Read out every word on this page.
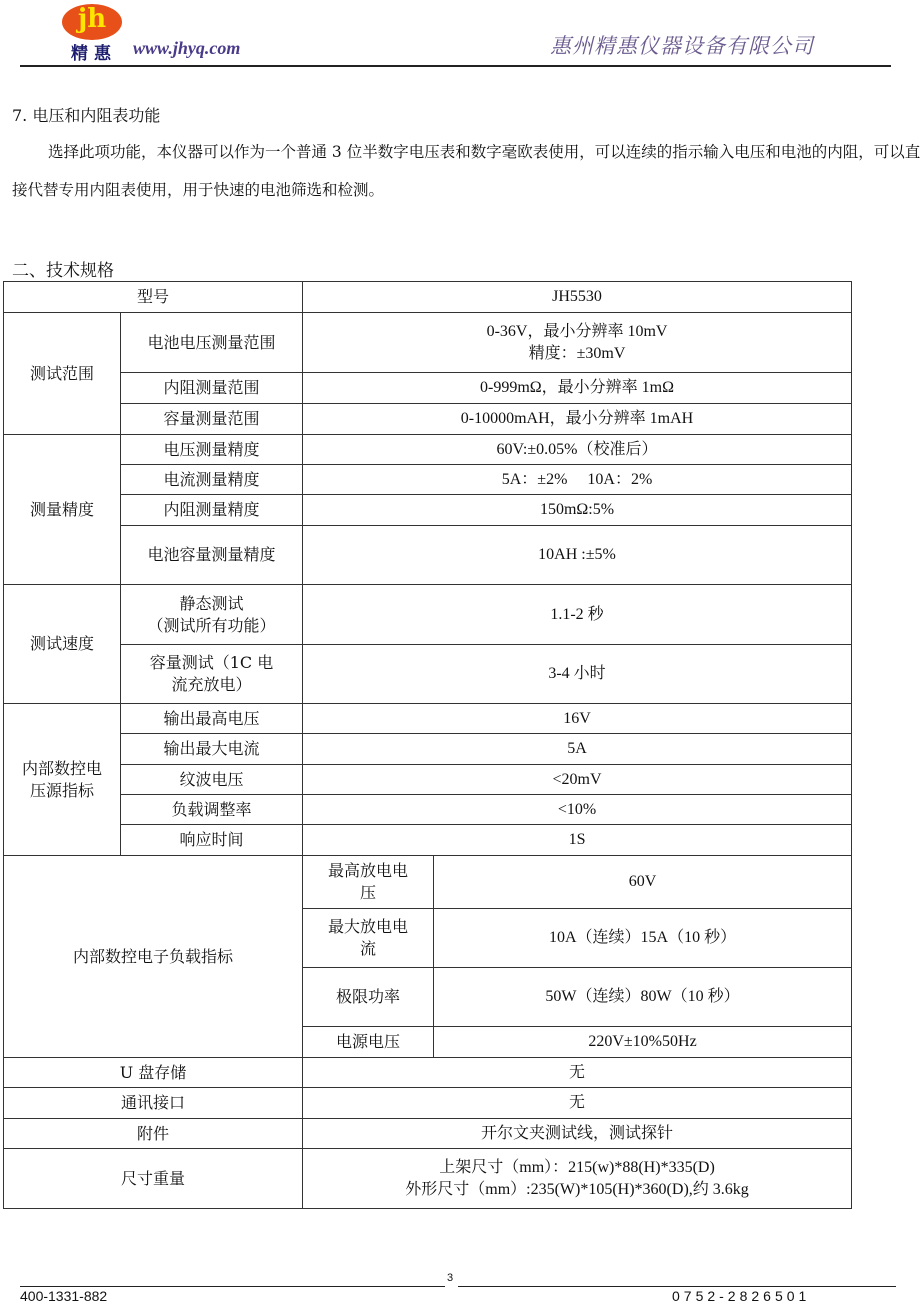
jh
精惠 www.jhyq.com	惠州精惠仪器设备有限公司
7. 电压和内阻表功能
选择此项功能，本仪器可以作为一个普通 3 位半数字电压表和数字毫欧表使用，可以连续的指示输入电压和电池的内阻，可以直接代替专用内阻表使用，用于快速的电池筛选和检测。
二、技术规格
型号		JH5530	
测试范围	电池电压测量范围	0-36V，最小分辨率 10mV
精度：±30mV	

	内阻测量范围	0-999mΩ，最小分辨率 1mΩ	
	容量测量范围	0-10000mAH，最小分辨率 1mAH	
测量精度	电压测量精度	60V:±0.05%（校准后）	
	电流测量精度	5A：±2%　 10A：2%	
	内阻测量精度	150mΩ:5%	
	电池容量测量精度	10AH :±5%	
测试速度	静态测试
（测试所有功能）	1.1-2 秒	

	容量测试（1C 电
流充放电）	3-4 小时	

内部数控电
压源指标	输出最高电压	16V	
	输出最大电流	5A	
	纹波电压	<20mV	
	负载调整率	<10%	
	响应时间	1S	
内部数控电子负载指标		最高放电电
压	60V

		最大放电电
流	10A（连续）15A（10 秒）
		极限功率	50W（连续）80W（10 秒）
		电源电压	220V±10%50Hz
U 盘存储		无	
通讯接口		无	
附件		开尔文夹测试线，测试探针	
尺寸重量		上架尺寸（mm）：215(w)*88(H)*335(D)
外形尺寸（mm）:235(W)*105(H)*360(D),约 3.6kg	
3
400-1331-882	0752-2826501
